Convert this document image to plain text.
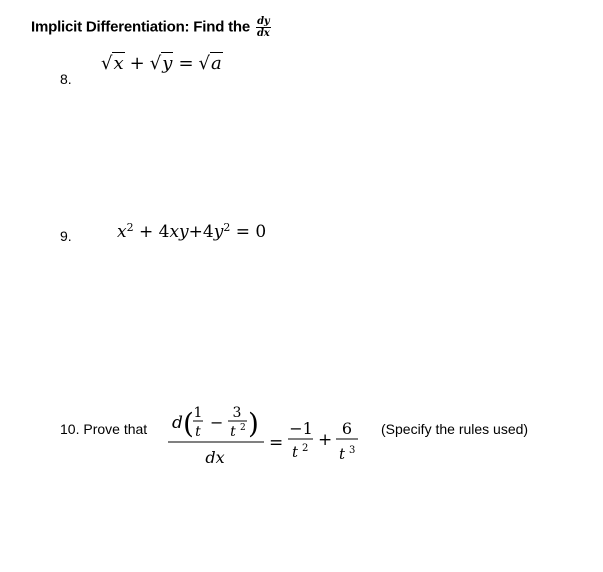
Implicit Differentiation: Find the $\frac{dy}{dx}$
8.
√x + √y = √a
9.	$x^2 + 4xy+4y^2 = 0$
10. Prove that d ( 1
t − 3
t 2 )
dx
=
−1
t 2 +
6
t 3
(Specify the rules used)
